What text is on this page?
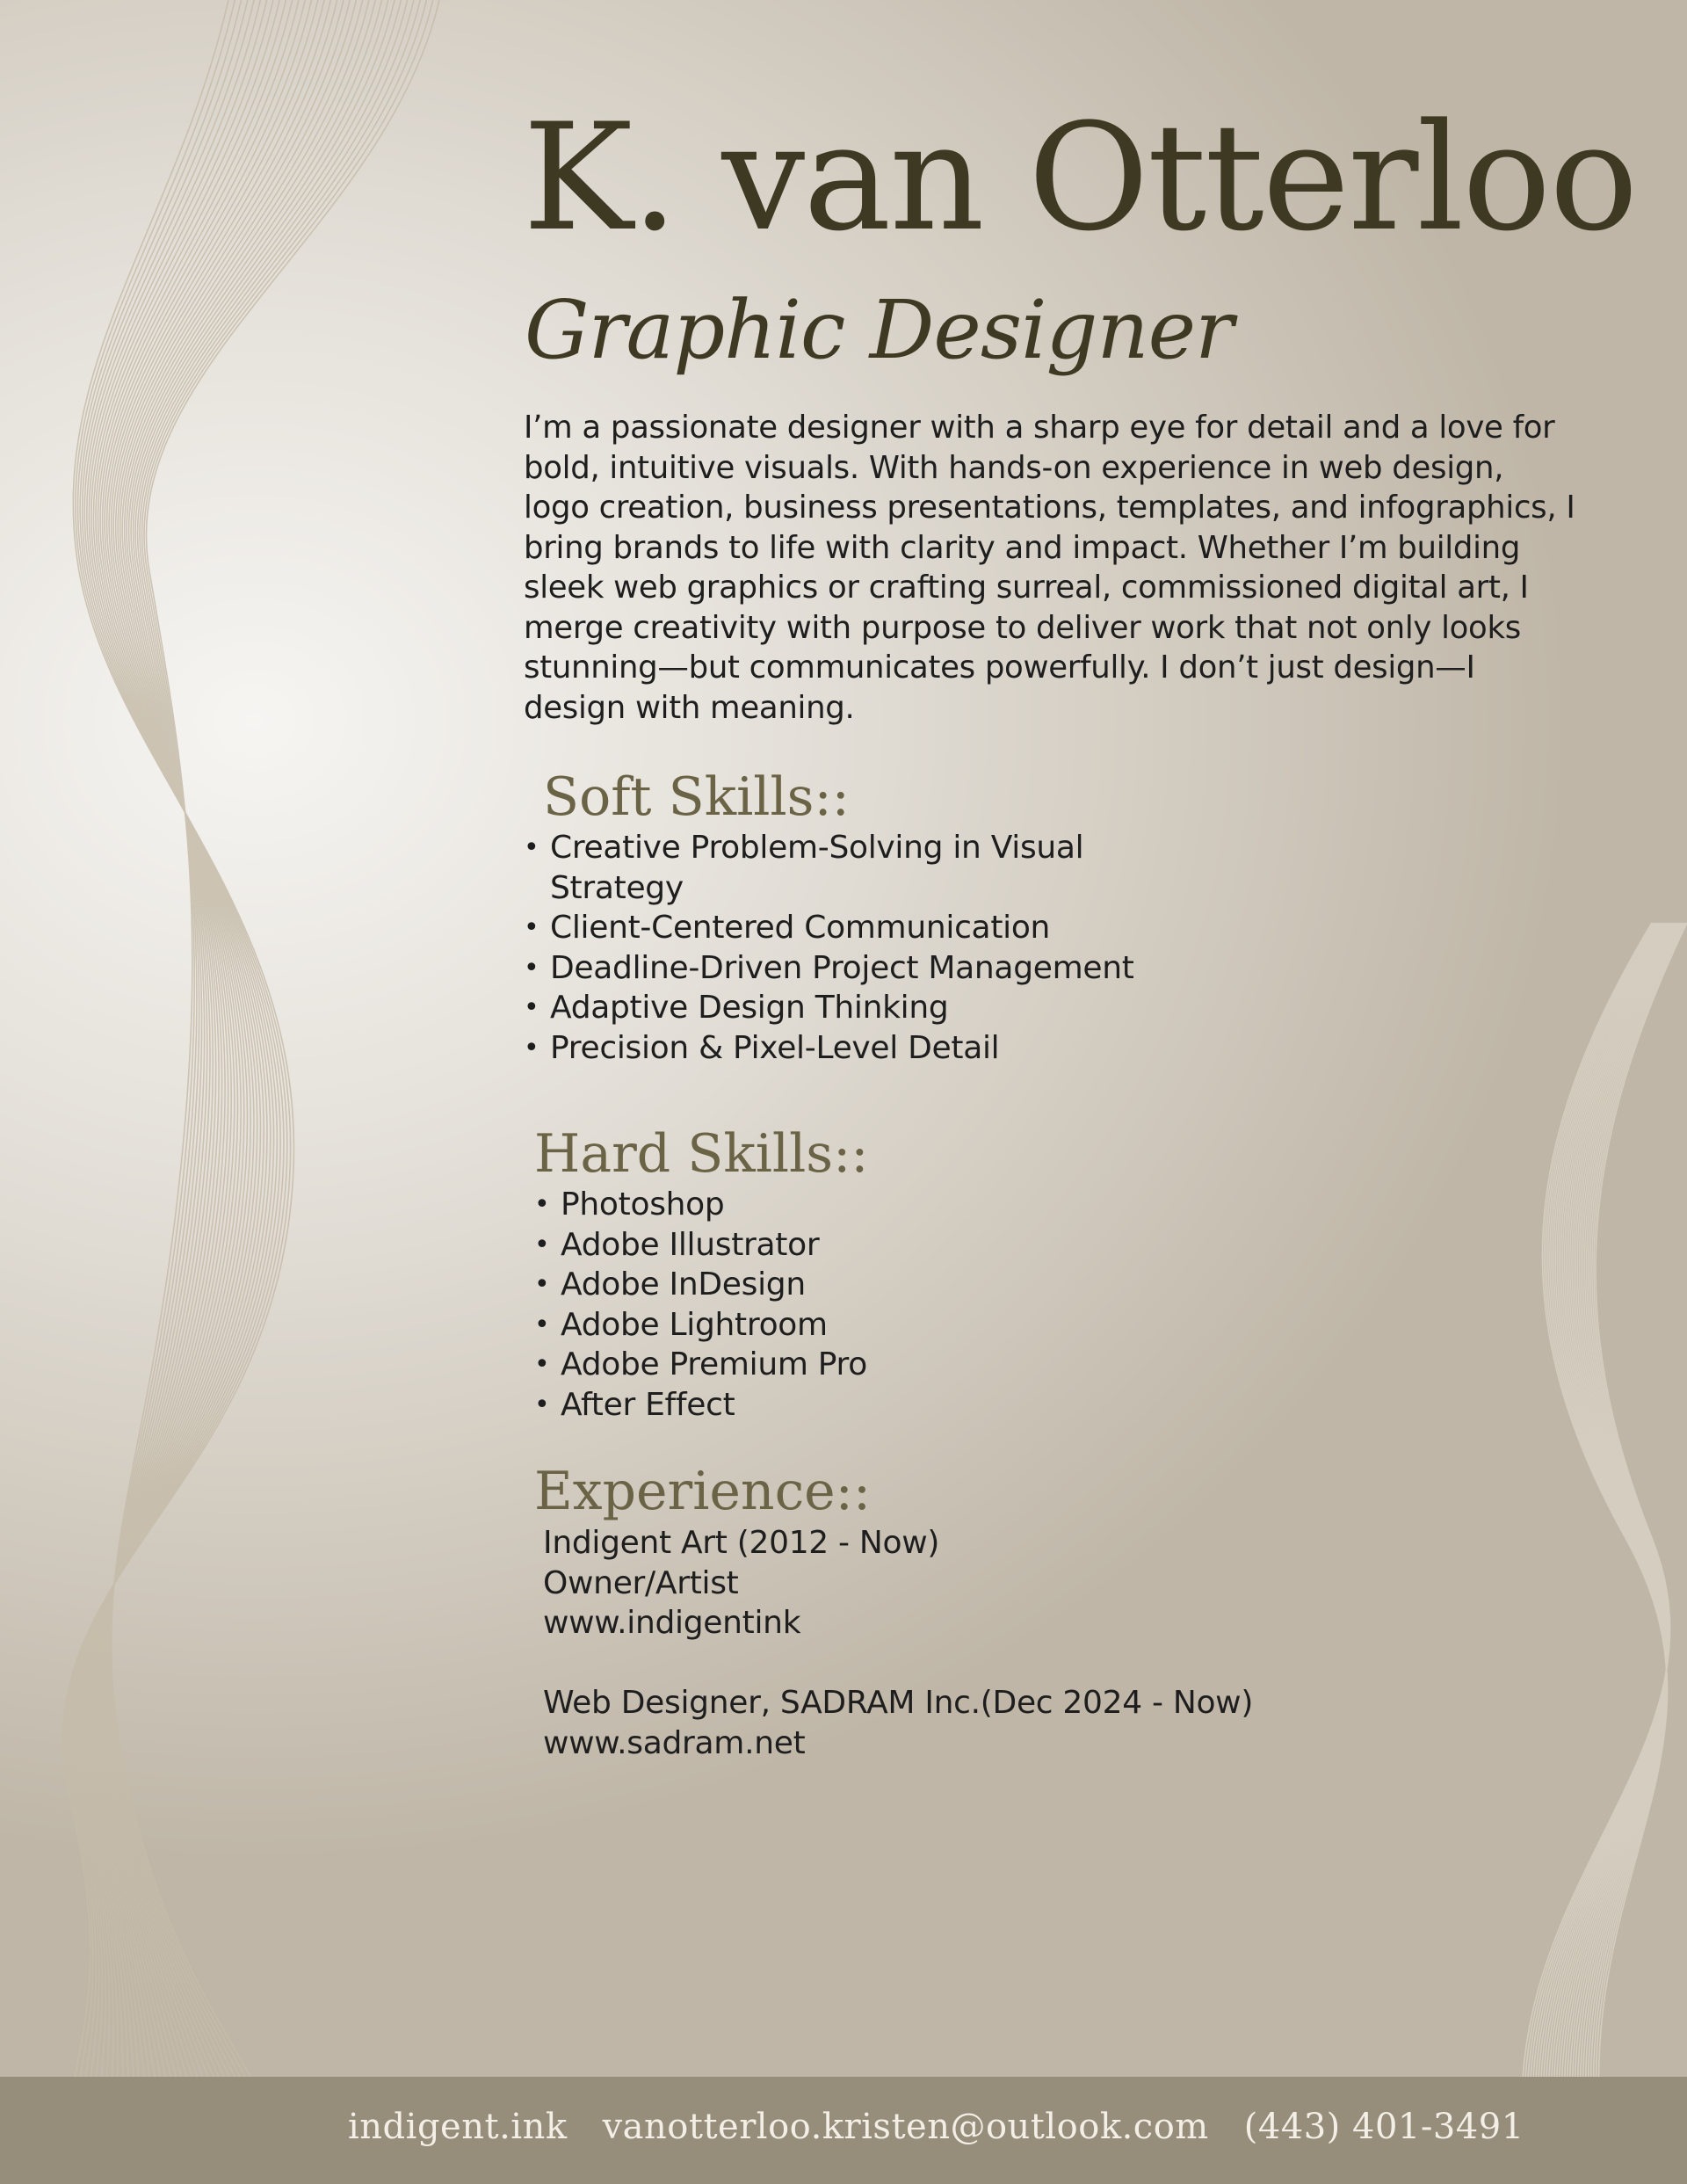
K. van Otterloo
Graphic Designer

I’m a passionate designer with a sharp eye for detail and a love for bold, intuitive visuals. With hands-on experience in web design, logo creation, business presentations, templates, and infographics, I bring brands to life with clarity and impact. Whether I’m building sleek web graphics or crafting surreal, commissioned digital art, I merge creativity with purpose to deliver work that not only looks stunning—but communicates powerfully. I don’t just design—I design with meaning.

Soft Skills::
• Creative Problem-Solving in Visual Strategy
• Client-Centered Communication
• Deadline-Driven Project Management
• Adaptive Design Thinking
• Precision & Pixel-Level Detail
Hard Skills::
• Photoshop
• Adobe Illustrator
• Adobe InDesign
• Adobe Lightroom
• Adobe Premium Pro
• After Effect
Experience::
Indigent Art (2012 - Now)
Owner/Artist
www.indigentink
Web Designer, SADRAM Inc.(Dec 2024 - Now)
www.sadram.net
indigent.ink vanotterloo.kristen@outlook.com (443) 401-3491
